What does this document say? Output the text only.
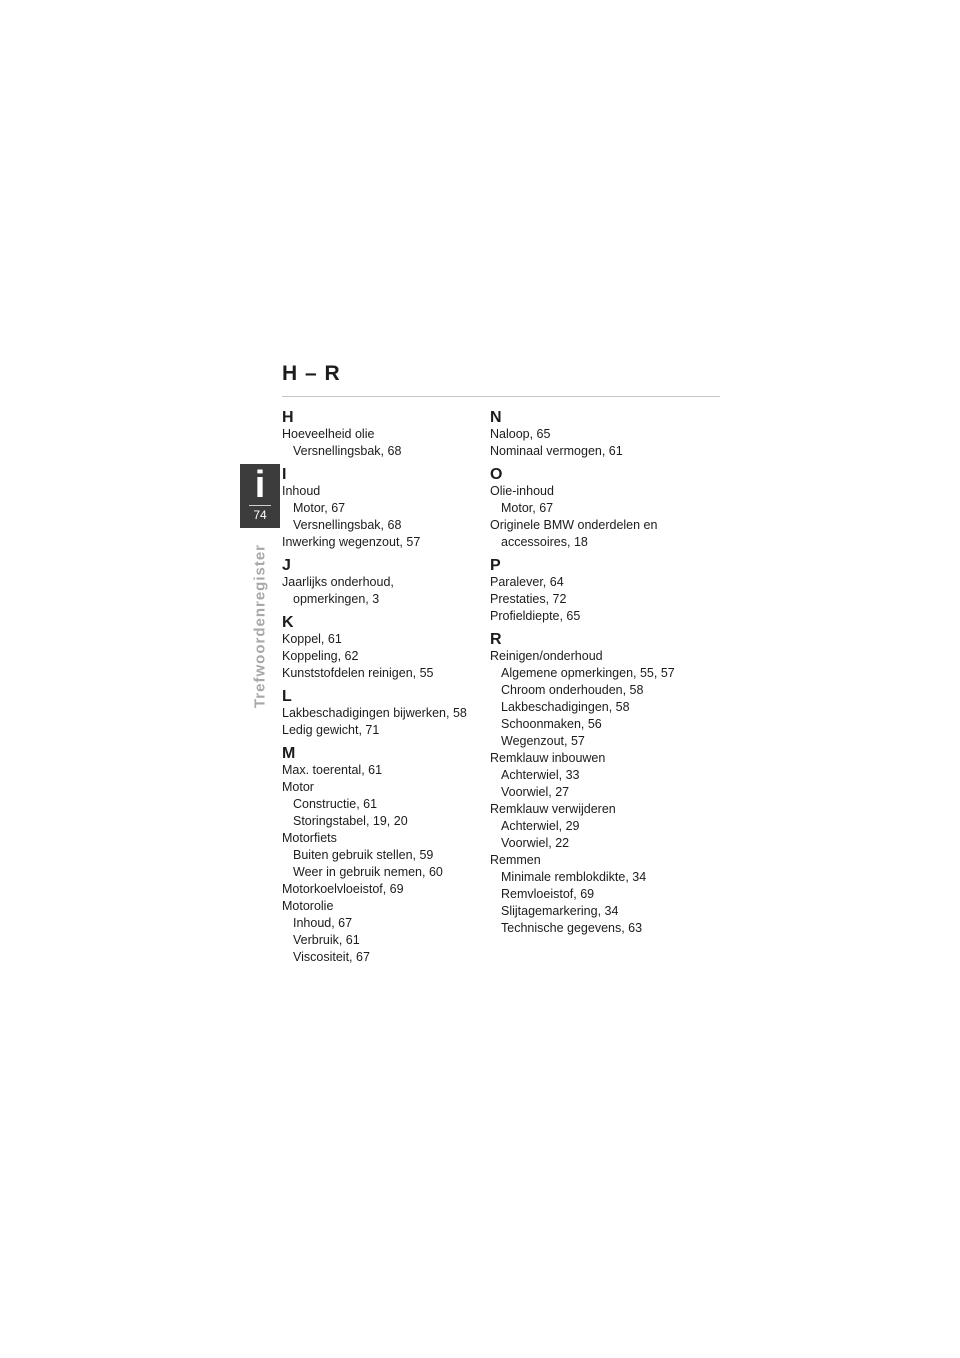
H – R
i
74
Trefwoordenregister
H
Hoeveelheid olie
Versnellingsbak, 68
I
Inhoud
Motor, 67
Versnellingsbak, 68
Inwerking wegenzout, 57
J
Jaarlijks onderhoud,
opmerkingen, 3
K
Koppel, 61
Koppeling, 62
Kunststofdelen reinigen, 55
L
Lakbeschadigingen bijwerken, 58
Ledig gewicht, 71
M
Max. toerental, 61
Motor
Constructie, 61
Storingstabel, 19, 20
Motorfiets
Buiten gebruik stellen, 59
Weer in gebruik nemen, 60
Motorkoelvloeistof, 69
Motorolie
Inhoud, 67
Verbruik, 61
Viscositeit, 67
N
Naloop, 65
Nominaal vermogen, 61
O
Olie-inhoud
Motor, 67
Originele BMW onderdelen en
accessoires, 18
P
Paralever, 64
Prestaties, 72
Profieldiepte, 65
R
Reinigen/onderhoud
Algemene opmerkingen, 55, 57
Chroom onderhouden, 58
Lakbeschadigingen, 58
Schoonmaken, 56
Wegenzout, 57
Remklauw inbouwen
Achterwiel, 33
Voorwiel, 27
Remklauw verwijderen
Achterwiel, 29
Voorwiel, 22
Remmen
Minimale remblokdikte, 34
Remvloeistof, 69
Slijtagemarkering, 34
Technische gegevens, 63
